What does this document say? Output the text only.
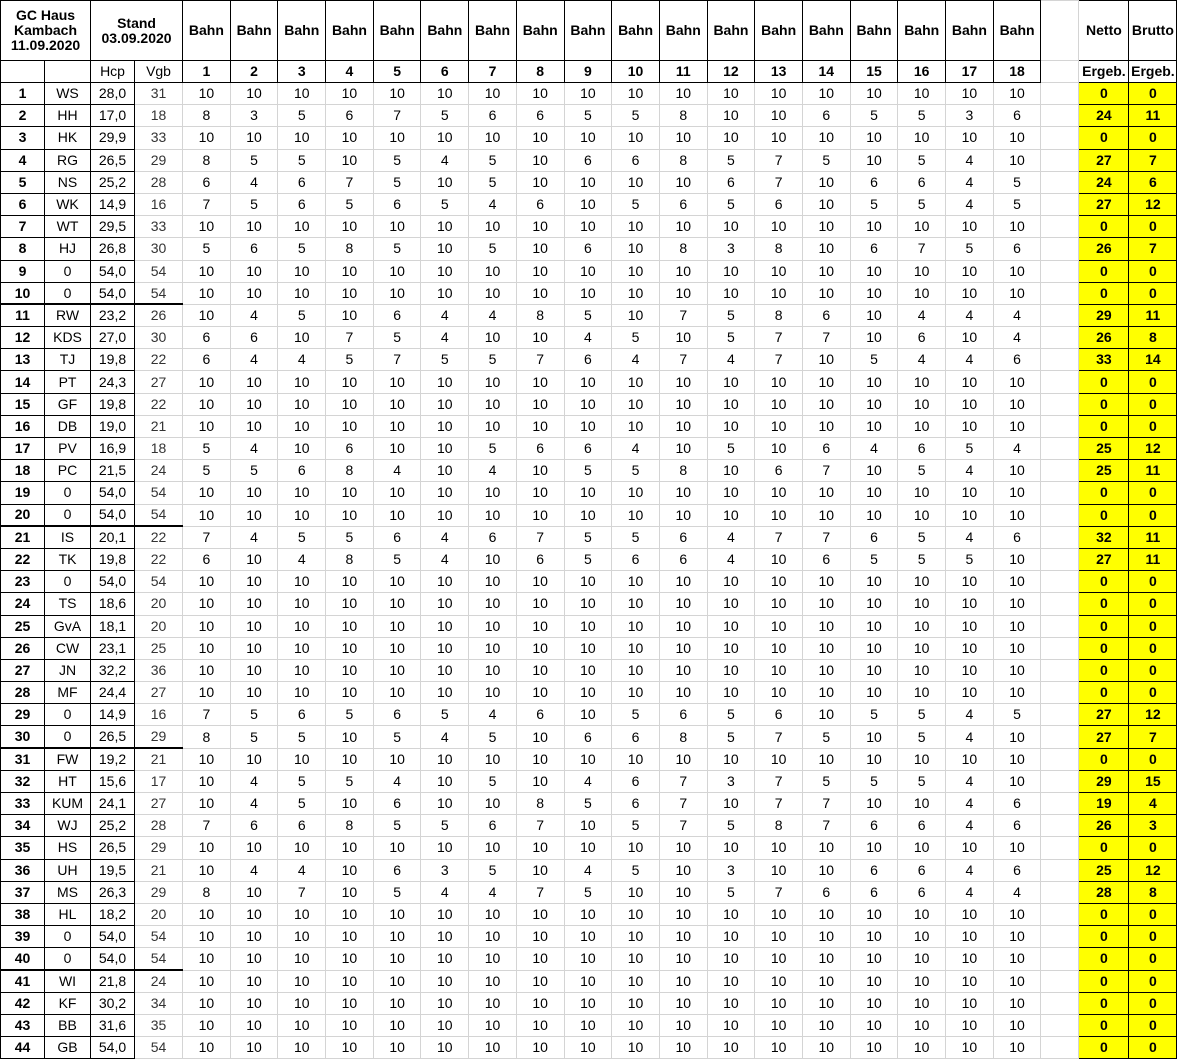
GC Haus
Kambach
11.09.2020		Stand
03.09.2020		Bahn	Bahn	Bahn	Bahn	Bahn	Bahn	Bahn	Bahn	Bahn	Bahn	Bahn	Bahn	Bahn	Bahn	Bahn	Bahn	Bahn	Bahn		Netto	Brutto
		Hcp	Vgb	1	2	3	4	5	6	7	8	9	10	11	12	13	14	15	16	17	18		Ergeb.	Ergeb.
1	WS	28,0	31	10	10	10	10	10	10	10	10	10	10	10	10	10	10	10	10	10	10		0	0
2	HH	17,0	18	8	3	5	6	7	5	6	6	5	5	8	10	10	6	5	5	3	6		24	11
3	HK	29,9	33	10	10	10	10	10	10	10	10	10	10	10	10	10	10	10	10	10	10		0	0
4	RG	26,5	29	8	5	5	10	5	4	5	10	6	6	8	5	7	5	10	5	4	10		27	7
5	NS	25,2	28	6	4	6	7	5	10	5	10	10	10	10	6	7	10	6	6	4	5		24	6
6	WK	14,9	16	7	5	6	5	6	5	4	6	10	5	6	5	6	10	5	5	4	5		27	12
7	WT	29,5	33	10	10	10	10	10	10	10	10	10	10	10	10	10	10	10	10	10	10		0	0
8	HJ	26,8	30	5	6	5	8	5	10	5	10	6	10	8	3	8	10	6	7	5	6		26	7
9	0	54,0	54	10	10	10	10	10	10	10	10	10	10	10	10	10	10	10	10	10	10		0	0
10	0	54,0	54	10	10	10	10	10	10	10	10	10	10	10	10	10	10	10	10	10	10		0	0
11	RW	23,2	26	10	4	5	10	6	4	4	8	5	10	7	5	8	6	10	4	4	4		29	11
12	KDS	27,0	30	6	6	10	7	5	4	10	10	4	5	10	5	7	7	10	6	10	4		26	8
13	TJ	19,8	22	6	4	4	5	7	5	5	7	6	4	7	4	7	10	5	4	4	6		33	14
14	PT	24,3	27	10	10	10	10	10	10	10	10	10	10	10	10	10	10	10	10	10	10		0	0
15	GF	19,8	22	10	10	10	10	10	10	10	10	10	10	10	10	10	10	10	10	10	10		0	0
16	DB	19,0	21	10	10	10	10	10	10	10	10	10	10	10	10	10	10	10	10	10	10		0	0
17	PV	16,9	18	5	4	10	6	10	10	5	6	6	4	10	5	10	6	4	6	5	4		25	12
18	PC	21,5	24	5	5	6	8	4	10	4	10	5	5	8	10	6	7	10	5	4	10		25	11
19	0	54,0	54	10	10	10	10	10	10	10	10	10	10	10	10	10	10	10	10	10	10		0	0
20	0	54,0	54	10	10	10	10	10	10	10	10	10	10	10	10	10	10	10	10	10	10		0	0
21	IS	20,1	22	7	4	5	5	6	4	6	7	5	5	6	4	7	7	6	5	4	6		32	11
22	TK	19,8	22	6	10	4	8	5	4	10	6	5	6	6	4	10	6	5	5	5	10		27	11
23	0	54,0	54	10	10	10	10	10	10	10	10	10	10	10	10	10	10	10	10	10	10		0	0
24	TS	18,6	20	10	10	10	10	10	10	10	10	10	10	10	10	10	10	10	10	10	10		0	0
25	GvA	18,1	20	10	10	10	10	10	10	10	10	10	10	10	10	10	10	10	10	10	10		0	0
26	CW	23,1	25	10	10	10	10	10	10	10	10	10	10	10	10	10	10	10	10	10	10		0	0
27	JN	32,2	36	10	10	10	10	10	10	10	10	10	10	10	10	10	10	10	10	10	10		0	0
28	MF	24,4	27	10	10	10	10	10	10	10	10	10	10	10	10	10	10	10	10	10	10		0	0
29	0	14,9	16	7	5	6	5	6	5	4	6	10	5	6	5	6	10	5	5	4	5		27	12
30	0	26,5	29	8	5	5	10	5	4	5	10	6	6	8	5	7	5	10	5	4	10		27	7
31	FW	19,2	21	10	10	10	10	10	10	10	10	10	10	10	10	10	10	10	10	10	10		0	0
32	HT	15,6	17	10	4	5	5	4	10	5	10	4	6	7	3	7	5	5	5	4	10		29	15
33	KUM	24,1	27	10	4	5	10	6	10	10	8	5	6	7	10	7	7	10	10	4	6		19	4
34	WJ	25,2	28	7	6	6	8	5	5	6	7	10	5	7	5	8	7	6	6	4	6		26	3
35	HS	26,5	29	10	10	10	10	10	10	10	10	10	10	10	10	10	10	10	10	10	10		0	0
36	UH	19,5	21	10	4	4	10	6	3	5	10	4	5	10	3	10	10	6	6	4	6		25	12
37	MS	26,3	29	8	10	7	10	5	4	4	7	5	10	10	5	7	6	6	6	4	4		28	8
38	HL	18,2	20	10	10	10	10	10	10	10	10	10	10	10	10	10	10	10	10	10	10		0	0
39	0	54,0	54	10	10	10	10	10	10	10	10	10	10	10	10	10	10	10	10	10	10		0	0
40	0	54,0	54	10	10	10	10	10	10	10	10	10	10	10	10	10	10	10	10	10	10		0	0
41	WI	21,8	24	10	10	10	10	10	10	10	10	10	10	10	10	10	10	10	10	10	10		0	0
42	KF	30,2	34	10	10	10	10	10	10	10	10	10	10	10	10	10	10	10	10	10	10		0	0
43	BB	31,6	35	10	10	10	10	10	10	10	10	10	10	10	10	10	10	10	10	10	10		0	0
44	GB	54,0	54	10	10	10	10	10	10	10	10	10	10	10	10	10	10	10	10	10	10		0	0
